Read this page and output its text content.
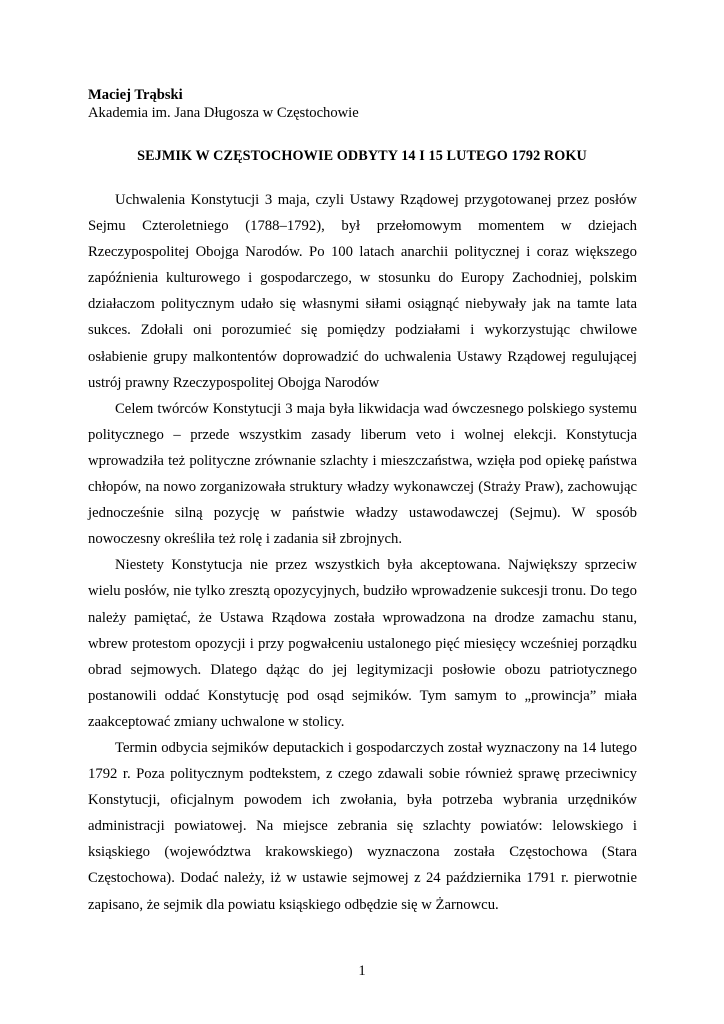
Maciej Trąbski
Akademia im. Jana Długosza w Częstochowie
SEJMIK W CZĘSTOCHOWIE ODBYTY 14 I 15 LUTEGO 1792 ROKU

Uchwalenia Konstytucji 3 maja, czyli Ustawy Rządowej przygotowanej przez posłów Sejmu Czteroletniego (1788–1792), był przełomowym momentem w dziejach Rzeczypospolitej Obojga Narodów. Po 100 latach anarchii politycznej i coraz większego zapóźnienia kulturowego i gospodarczego, w stosunku do Europy Zachodniej, polskim działaczom politycznym udało się własnymi siłami osiągnąć niebywały jak na tamte lata sukces. Zdołali oni porozumieć się pomiędzy podziałami i wykorzystując chwilowe osłabienie grupy malkontentów doprowadzić do uchwalenia Ustawy Rządowej regulującej ustrój prawny Rzeczypospolitej Obojga Narodów

Celem twórców Konstytucji 3 maja była likwidacja wad ówczesnego polskiego systemu politycznego – przede wszystkim zasady liberum veto i wolnej elekcji. Konstytucja wprowadziła też polityczne zrównanie szlachty i mieszczaństwa, wzięła pod opiekę państwa chłopów, na nowo zorganizowała struktury władzy wykonawczej (Straży Praw), zachowując jednocześnie silną pozycję w państwie władzy ustawodawczej (Sejmu). W sposób nowoczesny określiła też rolę i zadania sił zbrojnych.

Niestety Konstytucja nie przez wszystkich była akceptowana. Największy sprzeciw wielu posłów, nie tylko zresztą opozycyjnych, budziło wprowadzenie sukcesji tronu. Do tego należy pamiętać, że Ustawa Rządowa została wprowadzona na drodze zamachu stanu, wbrew protestom opozycji i przy pogwałceniu ustalonego pięć miesięcy wcześniej porządku obrad sejmowych. Dlatego dążąc do jej legitymizacji posłowie obozu patriotycznego postanowili oddać Konstytucję pod osąd sejmików. Tym samym to „prowincja” miała zaakceptować zmiany uchwalone w stolicy.

Termin odbycia sejmików deputackich i gospodarczych został wyznaczony na 14 lutego 1792 r. Poza politycznym podtekstem, z czego zdawali sobie również sprawę przeciwnicy Konstytucji, oficjalnym powodem ich zwołania, była potrzeba wybrania urzędników administracji powiatowej. Na miejsce zebrania się szlachty powiatów: lelowskiego i ksiąskiego (województwa krakowskiego) wyznaczona została Częstochowa (Stara Częstochowa). Dodać należy, iż w ustawie sejmowej z 24 października 1791 r. pierwotnie zapisano, że sejmik dla powiatu ksiąskiego odbędzie się w Żarnowcu.

1
